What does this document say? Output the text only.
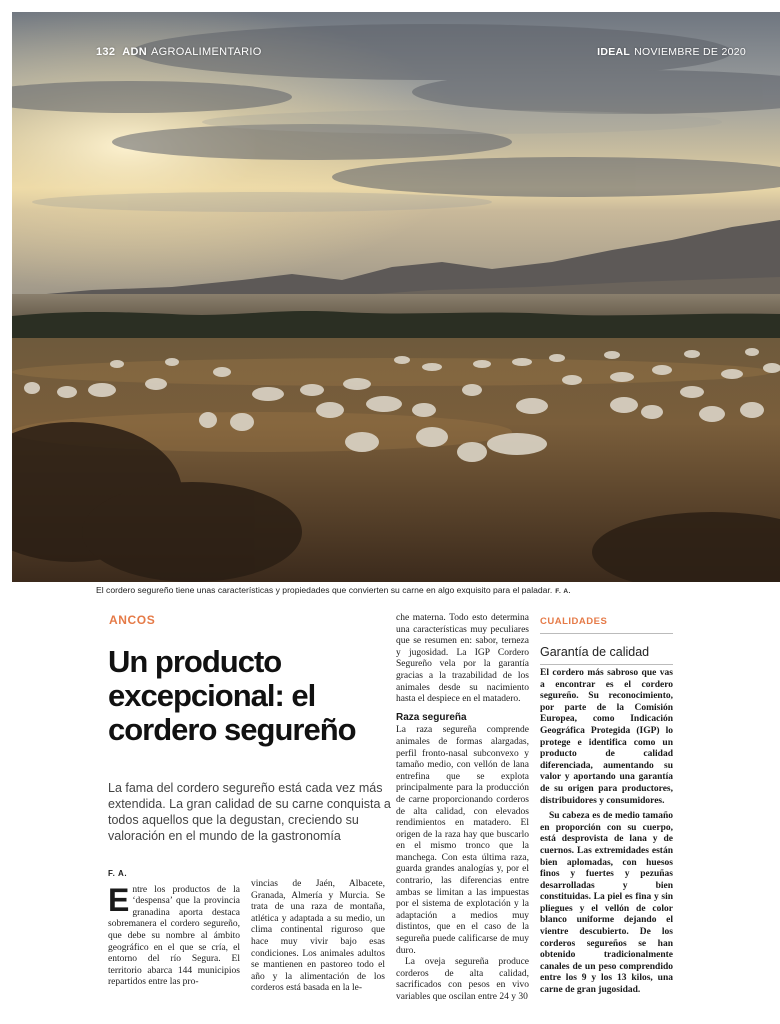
132 ADN AGROALIMENTARIO	IDEAL NOVIEMBRE DE 2020
El cordero segureño tiene unas características y propiedades que convierten su carne en algo exquisito para el paladar. F. A.
ANCOS
Un producto excepcional: el cordero segureño

La fama del cordero segureño está cada vez más extendida. La gran calidad de su carne conquista a todos aquellos que la degustan, creciendo su valoración en el mundo de la gastronomía

F. A.

Entre los productos de la ‘despensa’ que la provincia granadina aporta destaca sobremanera el cordero segureño, que debe su nombre al ámbito geográfico en el que se cría, el entorno del río Segura. El territorio abarca 144 municipios repartidos entre las pro-

vincias de Jaén, Albacete, Granada, Almería y Murcia. Se trata de una raza de montaña, atlética y adaptada a su medio, un clima continental riguroso que hace muy vivir bajo esas condiciones. Los animales adultos se mantienen en pastoreo todo el año y la alimentación de los corderos está basada en la le-

che materna. Todo esto determina una características muy peculiares que se resumen en: sabor, terneza y jugosidad. La IGP Cordero Segureño vela por la garantía gracias a la trazabilidad de los animales desde su nacimiento hasta el despiece en el matadero.

Raza segureña

La raza segureña comprende animales de formas alargadas, perfil fronto-nasal subconvexo y tamaño medio, con vellón de lana entrefina que se explota principalmente para la producción de carne proporcionando corderos de alta calidad, con elevados rendimientos en matadero. El origen de la raza hay que buscarlo en el mismo tronco que la manchega. Con esta última raza, guarda grandes analogías y, por el contrario, las diferencias entre ambas se limitan a las impuestas por el sistema de explotación y la adaptación a medios muy distintos, que en el caso de la segureña puede calificarse de muy duro.

La oveja segureña produce corderos de alta calidad, sacrificados con pesos en vivo variables que oscilan entre 24 y 30

CUALIDADES
Garantía de calidad

El cordero más sabroso que vas a encontrar es el cordero segureño. Su reconocimiento, por parte de la Comisión Europea, como Indicación Geográfica Protegida (IGP) lo protege e identifica como un producto de calidad diferenciada, aumentando su valor y aportando una garantía de su origen para productores, distribuidores y consumidores.

Su cabeza es de medio tamaño en proporción con su cuerpo, está desprovista de lana y de cuernos. Las extremidades están bien aplomadas, con huesos finos y fuertes y pezuñas desarrolladas y bien constituidas. La piel es fina y sin pliegues y el vellón de color blanco uniforme dejando el vientre descubierto. De los corderos segureños se han obtenido tradicionalmente canales de un peso comprendido entre los 9 y los 13 kilos, una carne de gran jugosidad.
